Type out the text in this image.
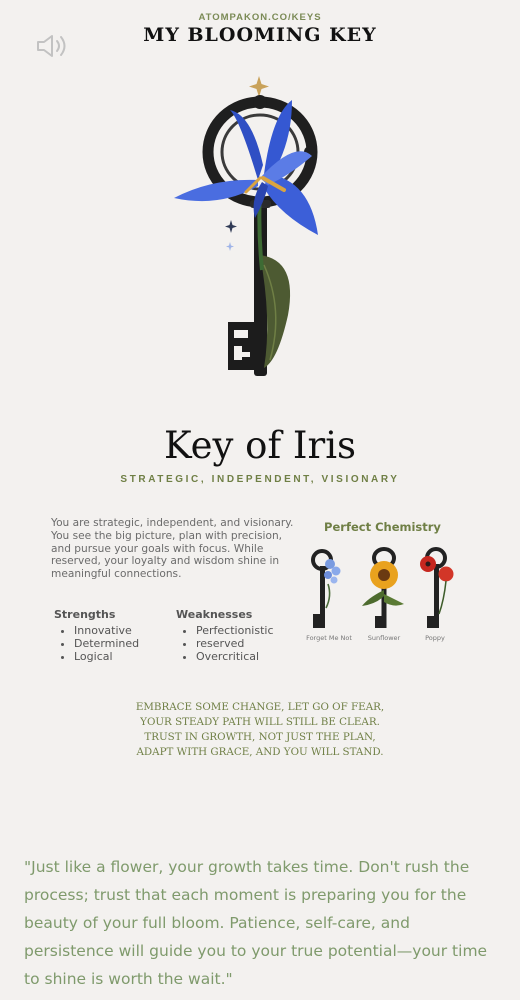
ATOMPAKON.CO/KEYS
MY BLOOMING KEY
Key of Iris
STRATEGIC, INDEPENDENT, VISIONARY
You are strategic, independent, and visionary. You see the big picture, plan with precision, and pursue your goals with focus. While reserved, your loyalty and wisdom shine in meaningful connections.
Strengths
• Innovative
• Determined
• Logical
Weaknesses
• Perfectionistic
• reserved
• Overcritical
Perfect Chemistry
Forget Me Not	Sunflower	Poppy
EMBRACE SOME CHANGE, LET GO OF FEAR,
YOUR STEADY PATH WILL STILL BE CLEAR.
TRUST IN GROWTH, NOT JUST THE PLAN,
ADAPT WITH GRACE, AND YOU WILL STAND.
"Just like a flower, your growth takes time. Don't rush the process; trust that each moment is preparing you for the beauty of your full bloom. Patience, self-care, and persistence will guide you to your true potential—your time to shine is worth the wait."
